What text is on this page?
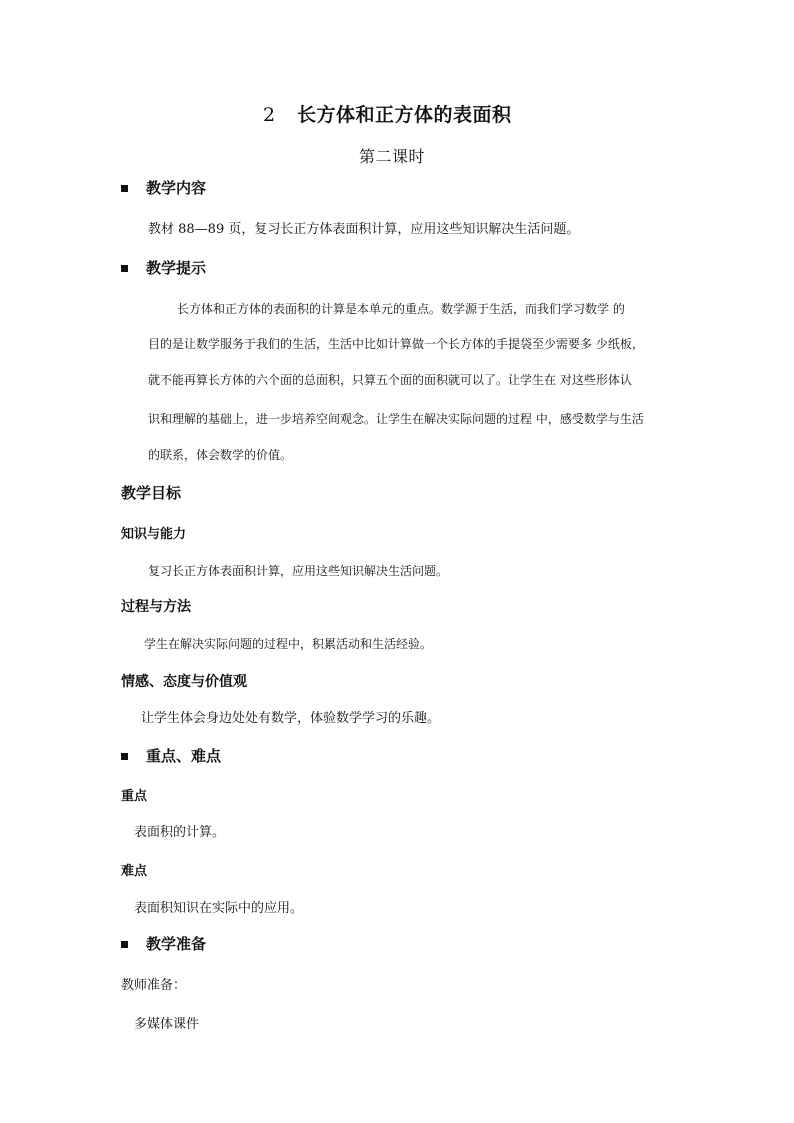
2 长方体和正方体的表面积
第二课时
教学内容
教材 88—89 页，复习长正方体表面积计算，应用这些知识解决生活问题。
教学提示
长方体和正方体的表面积的计算是本单元的重点。数学源于生活，而我们学习数学 的
目的是让数学服务于我们的生活，生活中比如计算做一个长方体的手提袋至少需要多 少纸板，
就不能再算长方体的六个面的总面积，只算五个面的面积就可以了。让学生在 对这些形体认
识和理解的基础上，进一步培养空间观念。让学生在解决实际问题的过程 中，感受数学与生活
的联系，体会数学的价值。
教学目标
知识与能力
复习长正方体表面积计算，应用这些知识解决生活问题。
过程与方法
学生在解决实际问题的过程中，积累活动和生活经验。
情感、态度与价值观
让学生体会身边处处有数学，体验数学学习的乐趣。
重点、难点
重点
表面积的计算。
难点
表面积知识在实际中的应用。
教学准备
教师准备：
多媒体课件
